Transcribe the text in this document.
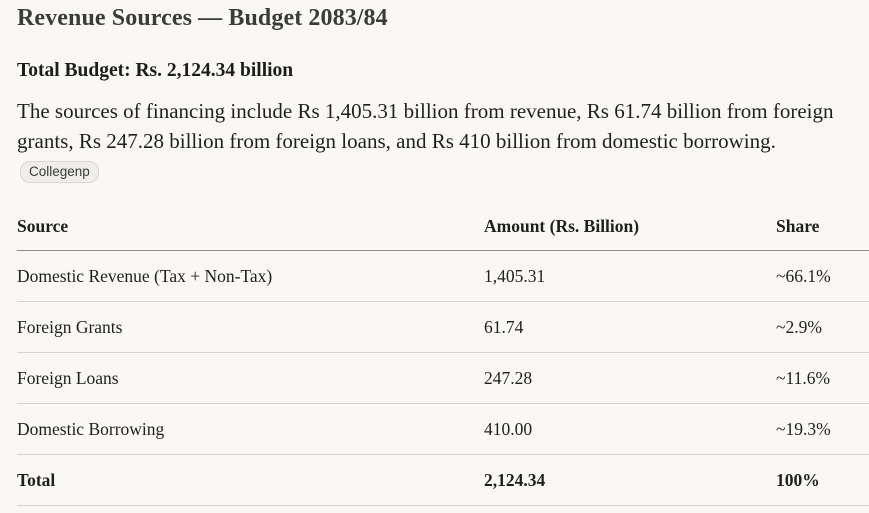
Revenue Sources — Budget 2083/84

Total Budget: Rs. 2,124.34 billion

The sources of financing include Rs 1,405.31 billion from revenue, Rs 61.74 billion from foreign grants, Rs 247.28 billion from foreign loans, and Rs 410 billion from domestic borrowing. Collegenp

Source	Amount (Rs. Billion)	Share
Domestic Revenue (Tax + Non-Tax)	1,405.31	~66.1%
Foreign Grants	61.74	~2.9%
Foreign Loans	247.28	~11.6%
Domestic Borrowing	410.00	~19.3%
Total	2,124.34	100%
